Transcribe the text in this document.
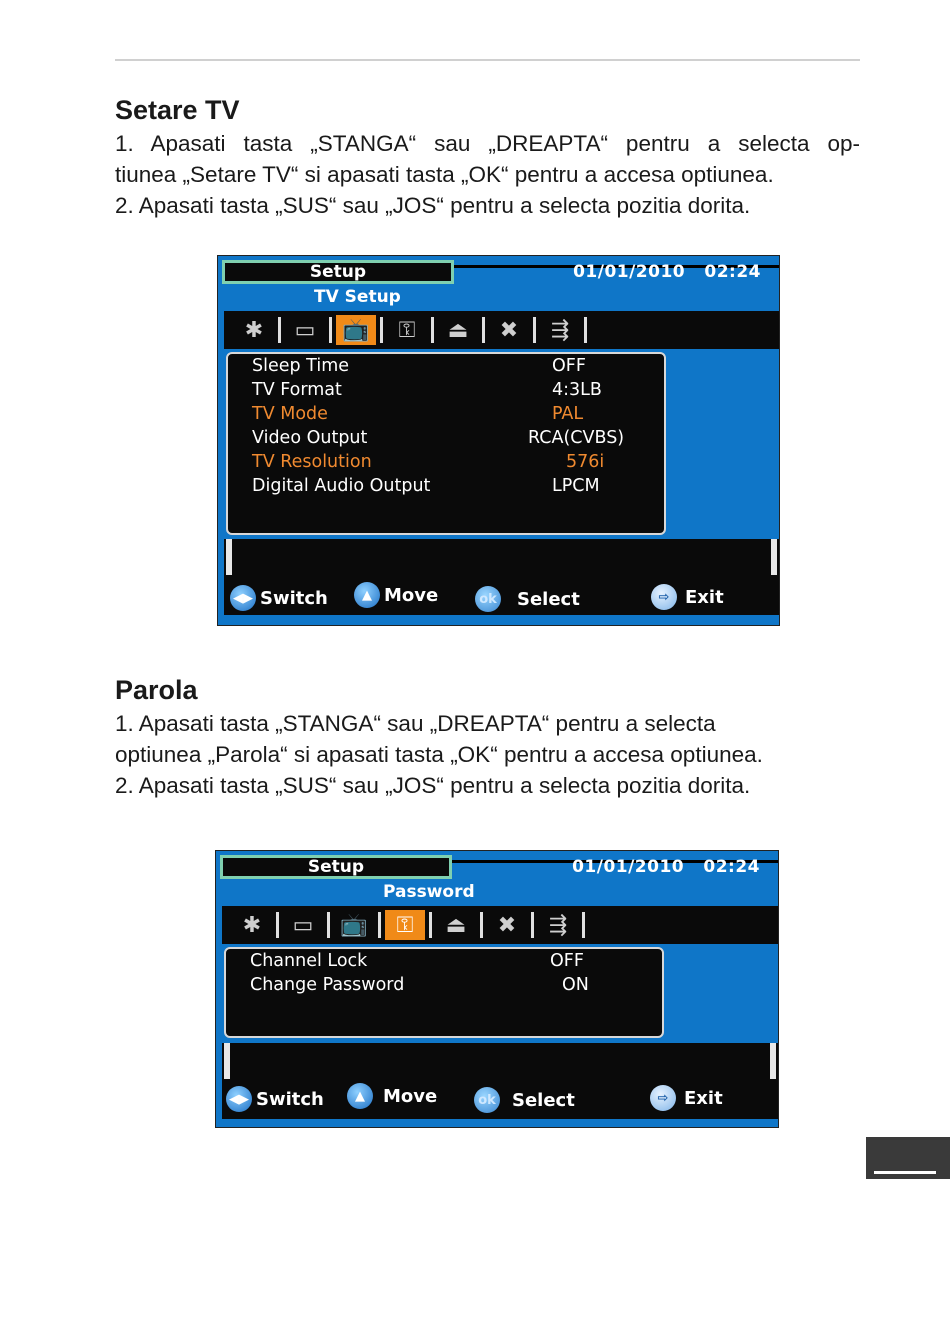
Setare TV
1. Apasati tasta „STANGA“ sau „DREAPTA“ pentru a selecta op-
tiunea „Setare TV“ si apasati tasta „OK“ pentru a accesa optiunea.
2. Apasati tasta „SUS“ sau „JOS“ pentru a selecta pozitia dorita.
Setup	01/01/2010   02:24
TV Setup
✱	▭	📺	⚿	⏏	✖	⇶
Sleep Time	OFF
TV Format	4:3LB
TV Mode	PAL
Video Output	RCA(CVBS)
TV Resolution	576i
Digital Audio Output	LPCM
◀▶ Switch	▲ Move	ok Select	⇨ Exit
Parola
1. Apasati tasta „STANGA“ sau „DREAPTA“ pentru a selecta
optiunea „Parola“ si apasati tasta „OK“ pentru a accesa optiunea.
2. Apasati tasta „SUS“ sau „JOS“ pentru a selecta pozitia dorita.
Setup	01/01/2010   02:24
Password
✱	▭	📺	⚿	⏏	✖	⇶
Channel Lock	OFF
Change Password	ON
◀▶ Switch	▲	Move	ok Select	⇨ Exit
